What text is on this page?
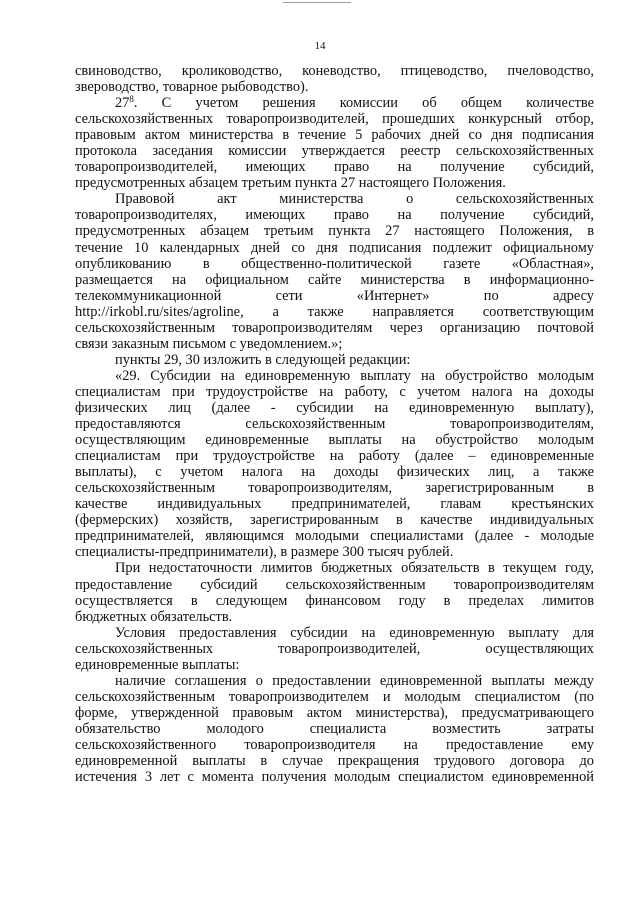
14
свиноводство, кролиководство, коневодство, птицеводство, пчеловодство,
звероводство, товарное рыбоводство).
$27^8$. С учетом решения комиссии об общем количестве
сельскохозяйственных товаропроизводителей, прошедших конкурсный отбор,
правовым актом министерства в течение 5 рабочих дней со дня подписания
протокола заседания комиссии утверждается реестр сельскохозяйственных
товаропроизводителей, имеющих право на получение субсидий,
предусмотренных абзацем третьим пункта 27 настоящего Положения.
Правовой акт министерства о сельскохозяйственных
товаропроизводителях, имеющих право на получение субсидий,
предусмотренных абзацем третьим пункта 27 настоящего Положения, в
течение 10 календарных дней со дня подписания подлежит официальному
опубликованию в общественно-политической газете «Областная»,
размещается на официальном сайте министерства в информационно-
телекоммуникационной сети «Интернет» по адресу
http://irkobl.ru/sites/agroline, а также направляется соответствующим
сельскохозяйственным товаропроизводителям через организацию почтовой
связи заказным письмом с уведомлением.»;
пункты 29, 30 изложить в следующей редакции:
«29. Субсидии на единовременную выплату на обустройство молодым
специалистам при трудоустройстве на работу, с учетом налога на доходы
физических лиц (далее - субсидии на единовременную выплату),
предоставляются сельскохозяйственным товаропроизводителям,
осуществляющим единовременные выплаты на обустройство молодым
специалистам при трудоустройстве на работу (далее – единовременные
выплаты), с учетом налога на доходы физических лиц, а также
сельскохозяйственным товаропроизводителям, зарегистрированным в
качестве индивидуальных предпринимателей, главам крестьянских
(фермерских) хозяйств, зарегистрированным в качестве индивидуальных
предпринимателей, являющимся молодыми специалистами (далее - молодые
специалисты-предприниматели), в размере 300 тысяч рублей.
При недостаточности лимитов бюджетных обязательств в текущем году,
предоставление субсидий сельскохозяйственным товаропроизводителям
осуществляется в следующем финансовом году в пределах лимитов
бюджетных обязательств.
Условия предоставления субсидии на единовременную выплату для
сельскохозяйственных товаропроизводителей, осуществляющих
единовременные выплаты:
наличие соглашения о предоставлении единовременной выплаты между
сельскохозяйственным товаропроизводителем и молодым специалистом (по
форме, утвержденной правовым актом министерства), предусматривающего
обязательство молодого специалиста возместить затраты
сельскохозяйственного товаропроизводителя на предоставление ему
единовременной выплаты в случае прекращения трудового договора до
истечения 3 лет с момента получения молодым специалистом единовременной
